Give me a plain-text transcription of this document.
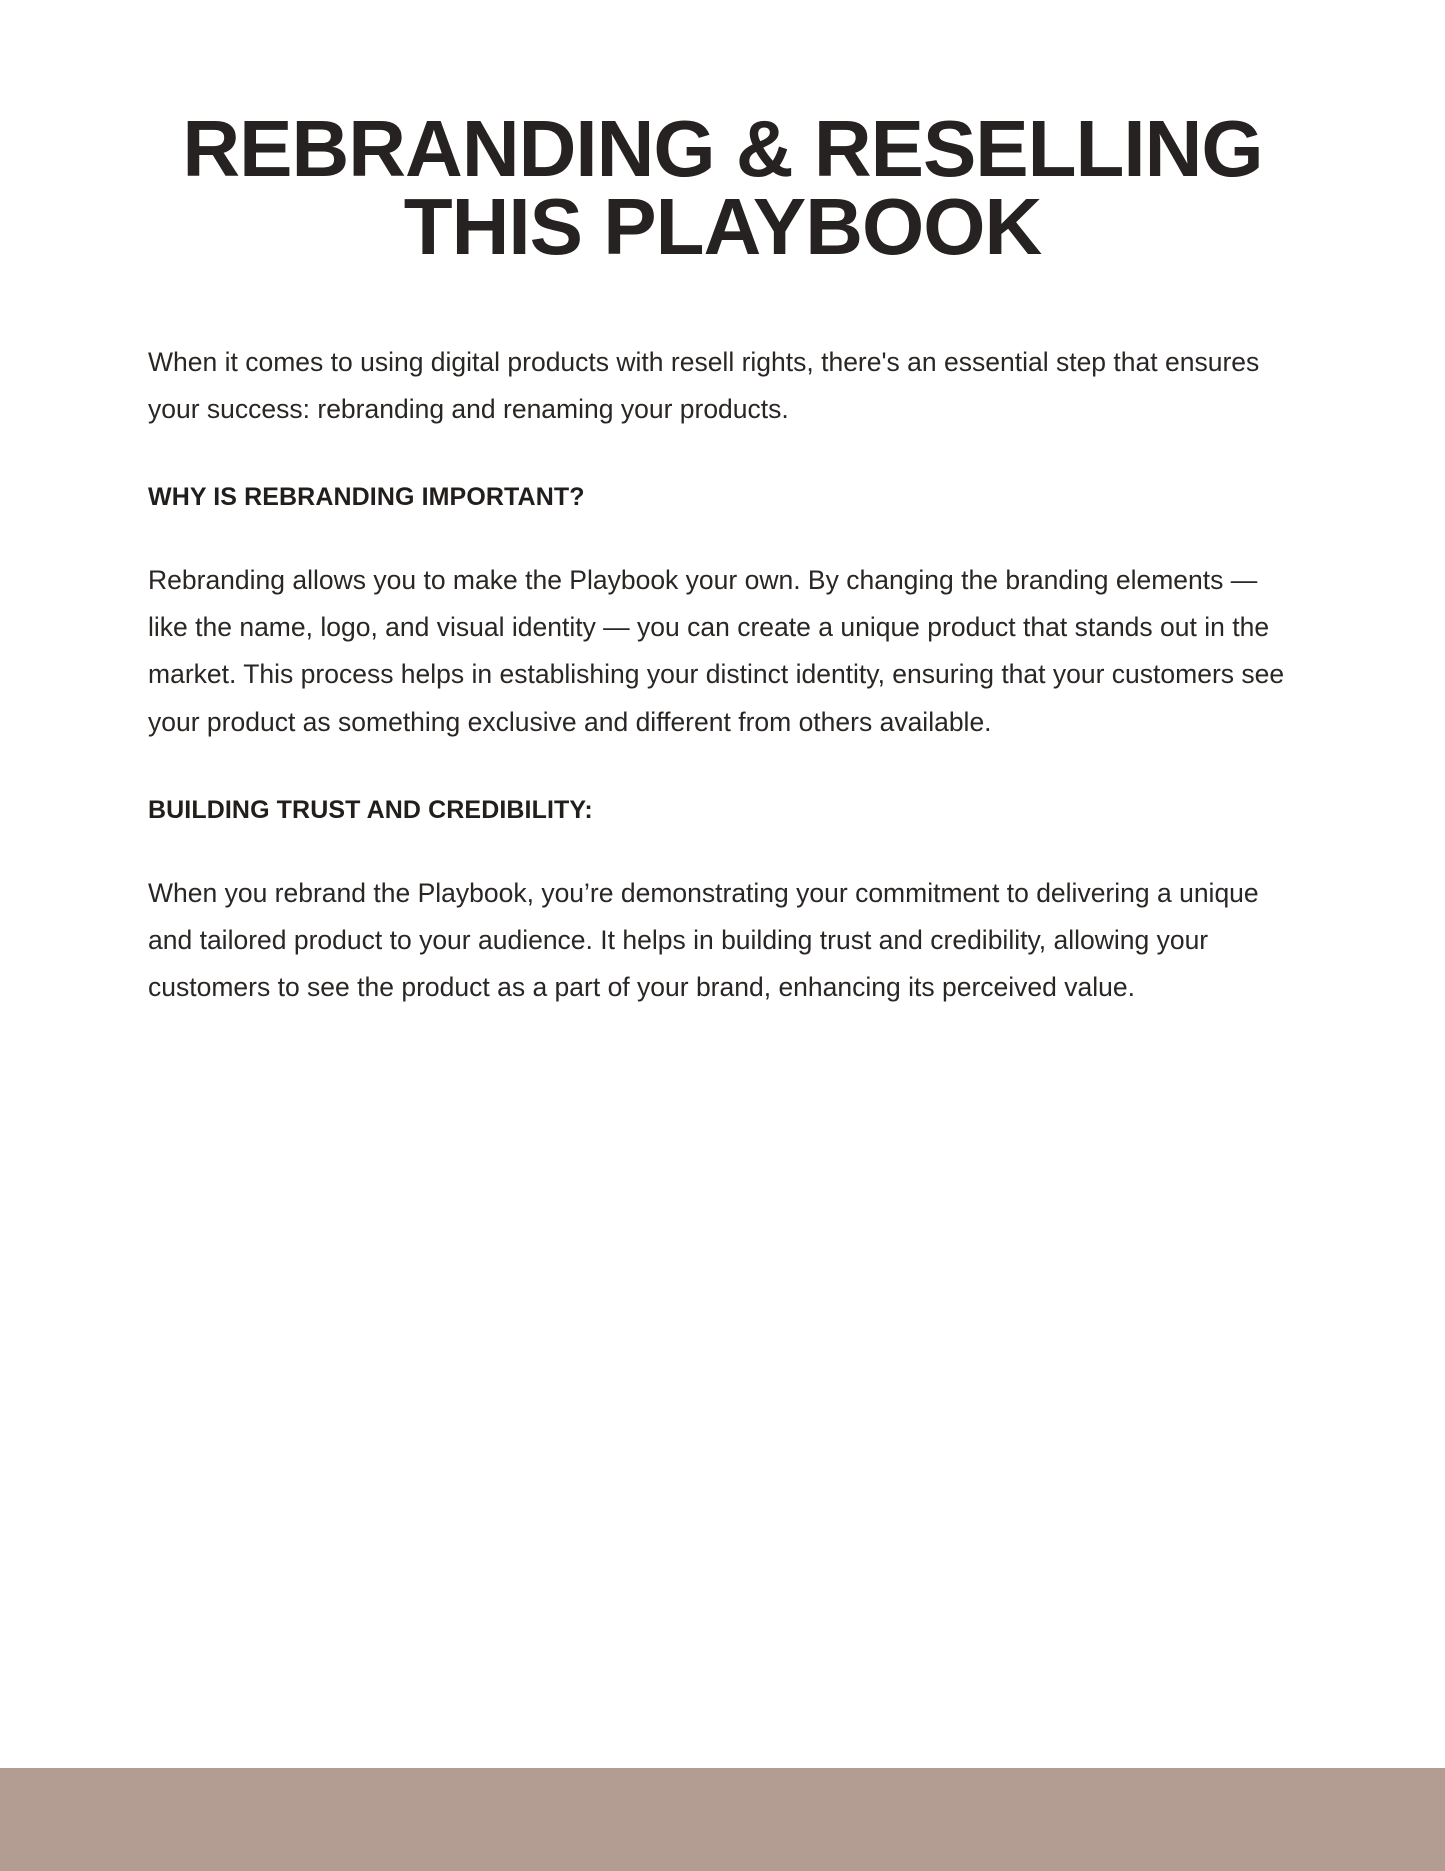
REBRANDING & RESELLING THIS PLAYBOOK

When it comes to using digital products with resell rights, there's an essential step that ensures your success: rebranding and renaming your products.

WHY IS REBRANDING IMPORTANT?

Rebranding allows you to make the Playbook your own. By changing the branding elements — like the name, logo, and visual identity — you can create a unique product that stands out in the market. This process helps in establishing your distinct identity, ensuring that your customers see your product as something exclusive and different from others available.

BUILDING TRUST AND CREDIBILITY:

When you rebrand the Playbook, you’re demonstrating your commitment to delivering a unique and tailored product to your audience. It helps in building trust and credibility, allowing your customers to see the product as a part of your brand, enhancing its perceived value.
